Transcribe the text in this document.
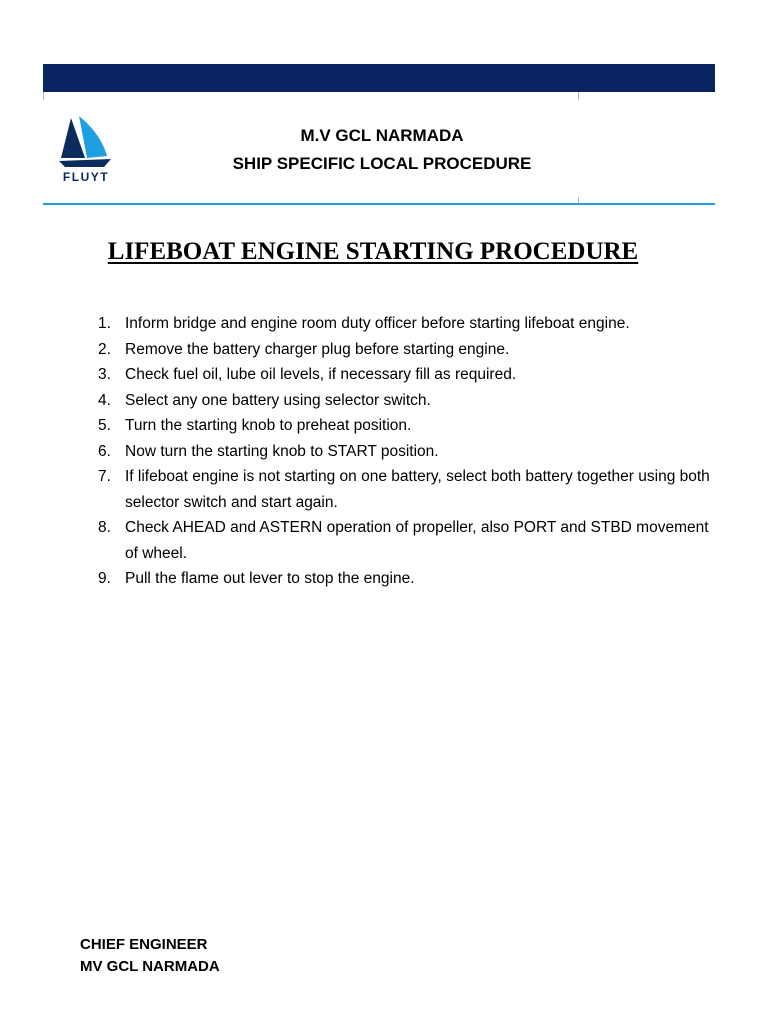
FLUYT
M.V GCL NARMADA
SHIP SPECIFIC LOCAL PROCEDURE
LIFEBOAT ENGINE STARTING PROCEDURE
1. Inform bridge and engine room duty officer before starting lifeboat engine.
2. Remove the battery charger plug before starting engine.
3. Check fuel oil, lube oil levels, if necessary fill as required.
4. Select any one battery using selector switch.
5. Turn the starting knob to preheat position.
6. Now turn the starting knob to START position.
7. If lifeboat engine is not starting on one battery, select both battery together using both selector switch and start again.
8. Check AHEAD and ASTERN operation of propeller, also PORT and STBD movement of wheel.
9. Pull the flame out lever to stop the engine.
CHIEF ENGINEER
MV GCL NARMADA
